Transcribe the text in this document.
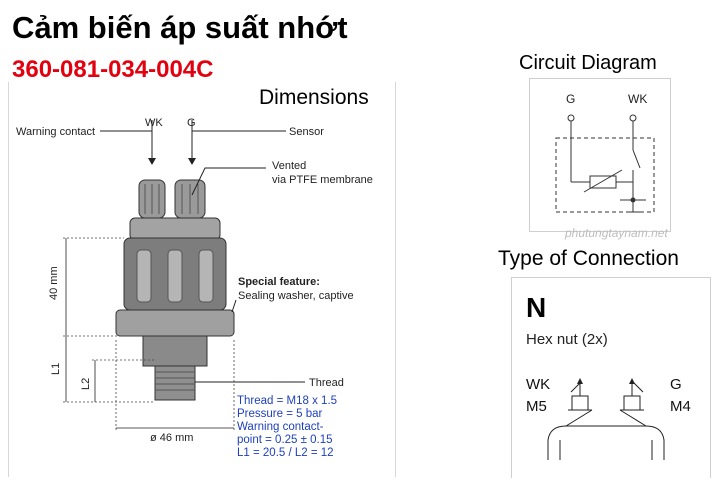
Cảm biến áp suất nhớt
360-081-034-004C
Dimensions
Warning contact
WK G
Sensor
Vented
via PTFE membrane
Special feature:
Sealing washer, captive
40 mm
L1
L2	Thread
ø 46 mm
Thread = M18 x 1.5
Pressure = 5 bar
Warning contact-
point = 0.25 ± 0.15
L1 = 20.5 / L2 = 12
Circuit Diagram
G	WK
phutungtaynam.net
Type of Connection
N
Hex nut (2x)
WK
M5
G
M4
